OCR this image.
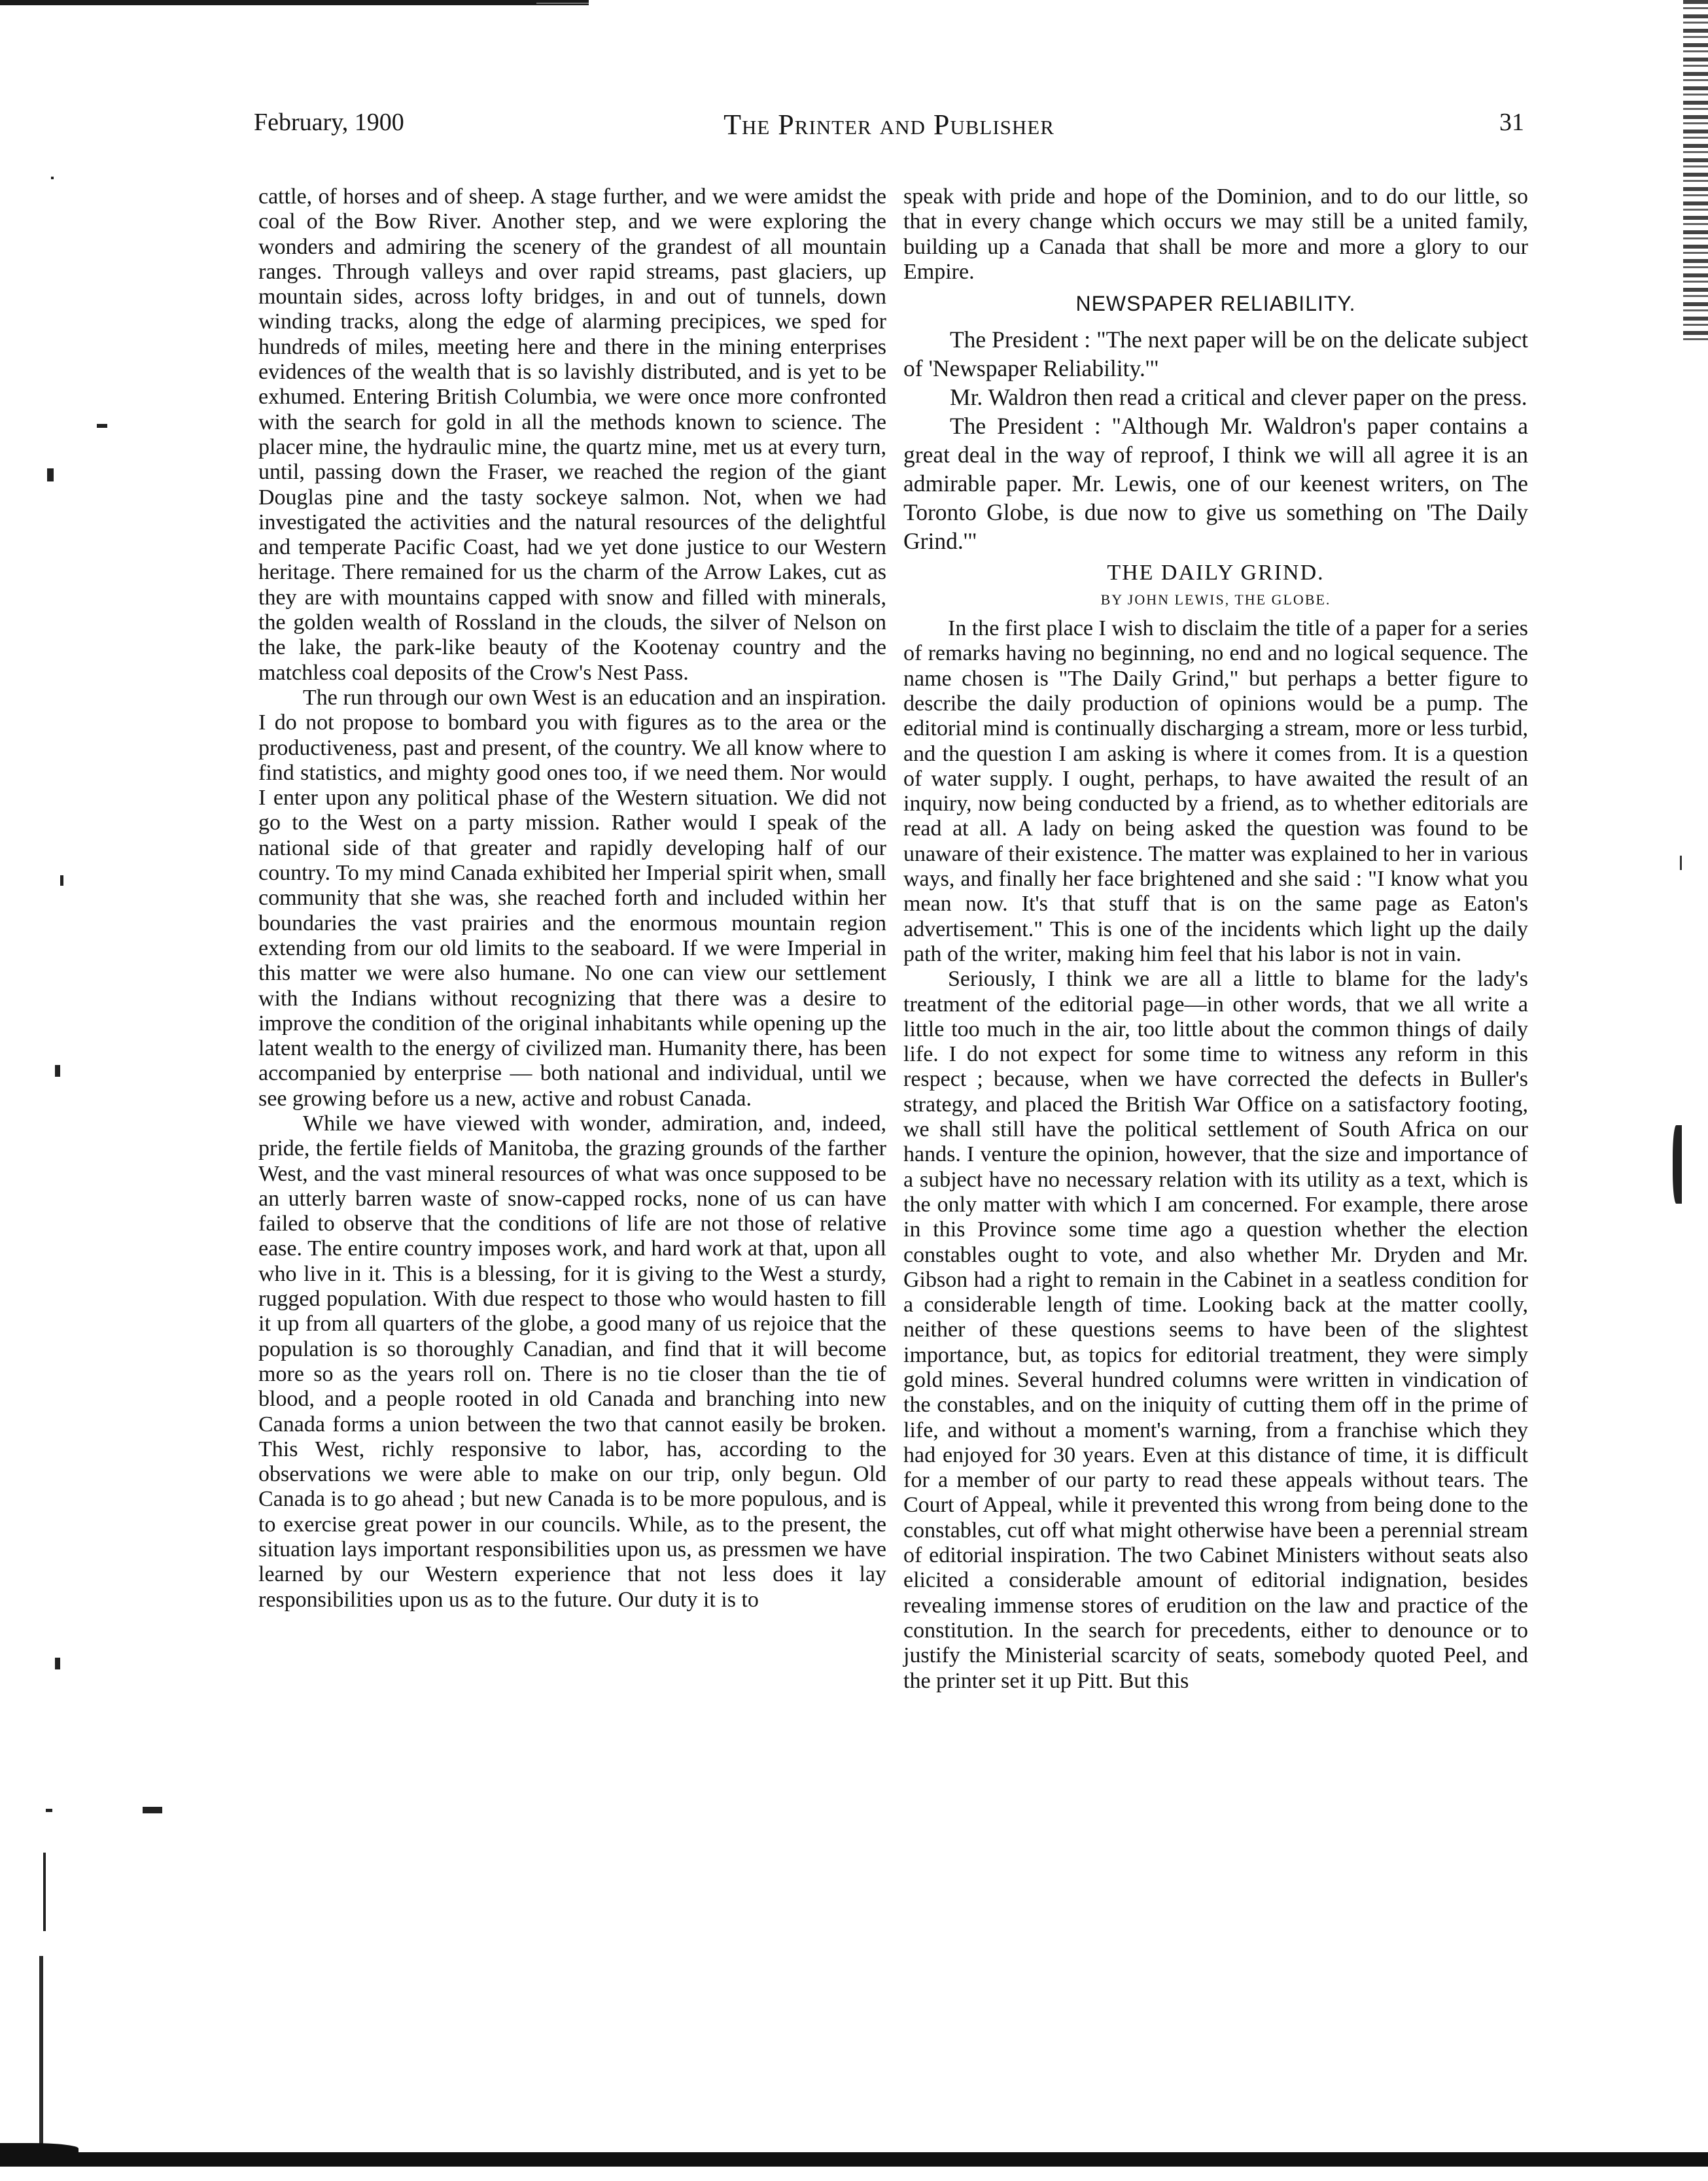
February, 1900	The Printer and Publisher	31

cattle, of horses and of sheep. A stage further, and we were amidst the coal of the Bow River. Another step, and we were exploring the wonders and admiring the scenery of the grandest of all mountain ranges. Through valleys and over rapid streams, past glaciers, up mountain sides, across lofty bridges, in and out of tunnels, down winding tracks, along the edge of alarming precipices, we sped for hundreds of miles, meeting here and there in the mining enterprises evidences of the wealth that is so lavishly distributed, and is yet to be exhumed. Entering British Columbia, we were once more confronted with the search for gold in all the methods known to science. The placer mine, the hydraulic mine, the quartz mine, met us at every turn, until, passing down the Fraser, we reached the region of the giant Douglas pine and the tasty sockeye salmon. Not, when we had investigated the activities and the natural resources of the delightful and temperate Pacific Coast, had we yet done justice to our Western heritage. There remained for us the charm of the Arrow Lakes, cut as they are with mountains capped with snow and filled with minerals, the golden wealth of Rossland in the clouds, the silver of Nelson on the lake, the park-like beauty of the Kootenay country and the matchless coal deposits of the Crow's Nest Pass.

The run through our own West is an education and an inspiration. I do not propose to bombard you with figures as to the area or the productiveness, past and present, of the country. We all know where to find statistics, and mighty good ones too, if we need them. Nor would I enter upon any political phase of the Western situation. We did not go to the West on a party mission. Rather would I speak of the national side of that greater and rapidly developing half of our country. To my mind Canada exhibited her Imperial spirit when, small community that she was, she reached forth and included within her boundaries the vast prairies and the enormous mountain region extending from our old limits to the seaboard. If we were Imperial in this matter we were also humane. No one can view our settlement with the Indians without recognizing that there was a desire to improve the condition of the original inhabitants while opening up the latent wealth to the energy of civilized man. Humanity there, has been accompanied by enterprise — both national and individual, until we see growing before us a new, active and robust Canada.

While we have viewed with wonder, admiration, and, indeed, pride, the fertile fields of Manitoba, the grazing grounds of the farther West, and the vast mineral resources of what was once supposed to be an utterly barren waste of snow-capped rocks, none of us can have failed to observe that the conditions of life are not those of relative ease. The entire country imposes work, and hard work at that, upon all who live in it. This is a blessing, for it is giving to the West a sturdy, rugged population. With due respect to those who would hasten to fill it up from all quarters of the globe, a good many of us rejoice that the population is so thoroughly Canadian, and find that it will become more so as the years roll on. There is no tie closer than the tie of blood, and a people rooted in old Canada and branching into new Canada forms a union between the two that cannot easily be broken. This West, richly responsive to labor, has, according to the observations we were able to make on our trip, only begun. Old Canada is to go ahead ; but new Canada is to be more populous, and is to exercise great power in our councils. While, as to the present, the situation lays important responsibilities upon us, as pressmen we have learned by our Western experience that not less does it lay responsibilities upon us as to the future. Our duty it is to

speak with pride and hope of the Dominion, and to do our little, so that in every change which occurs we may still be a united family, building up a Canada that shall be more and more a glory to our Empire.

NEWSPAPER RELIABILITY.

The President : "The next paper will be on the delicate subject of 'Newspaper Reliability.'"

Mr. Waldron then read a critical and clever paper on the press.

The President : "Although Mr. Waldron's paper contains a great deal in the way of reproof, I think we will all agree it is an admirable paper. Mr. Lewis, one of our keenest writers, on The Toronto Globe, is due now to give us something on 'The Daily Grind.'"

THE DAILY GRIND.
BY JOHN LEWIS, THE GLOBE.

In the first place I wish to disclaim the title of a paper for a series of remarks having no beginning, no end and no logical sequence. The name chosen is "The Daily Grind," but perhaps a better figure to describe the daily production of opinions would be a pump. The editorial mind is continually discharging a stream, more or less turbid, and the question I am asking is where it comes from. It is a question of water supply. I ought, perhaps, to have awaited the result of an inquiry, now being conducted by a friend, as to whether editorials are read at all. A lady on being asked the question was found to be unaware of their existence. The matter was explained to her in various ways, and finally her face brightened and she said : "I know what you mean now. It's that stuff that is on the same page as Eaton's advertisement." This is one of the incidents which light up the daily path of the writer, making him feel that his labor is not in vain.

Seriously, I think we are all a little to blame for the lady's treatment of the editorial page—in other words, that we all write a little too much in the air, too little about the common things of daily life. I do not expect for some time to witness any reform in this respect ; because, when we have corrected the defects in Buller's strategy, and placed the British War Office on a satisfactory footing, we shall still have the political settlement of South Africa on our hands. I venture the opinion, however, that the size and importance of a subject have no necessary relation with its utility as a text, which is the only matter with which I am concerned. For example, there arose in this Province some time ago a question whether the election constables ought to vote, and also whether Mr. Dryden and Mr. Gibson had a right to remain in the Cabinet in a seatless condition for a considerable length of time. Looking back at the matter coolly, neither of these questions seems to have been of the slightest importance, but, as topics for editorial treatment, they were simply gold mines. Several hundred columns were written in vindication of the constables, and on the iniquity of cutting them off in the prime of life, and without a moment's warning, from a franchise which they had enjoyed for 30 years. Even at this distance of time, it is difficult for a member of our party to read these appeals without tears. The Court of Appeal, while it prevented this wrong from being done to the constables, cut off what might otherwise have been a perennial stream of editorial inspiration. The two Cabinet Ministers without seats also elicited a considerable amount of editorial indignation, besides revealing immense stores of erudition on the law and practice of the constitution. In the search for precedents, either to denounce or to justify the Ministerial scarcity of seats, somebody quoted Peel, and the printer set it up Pitt. But this
